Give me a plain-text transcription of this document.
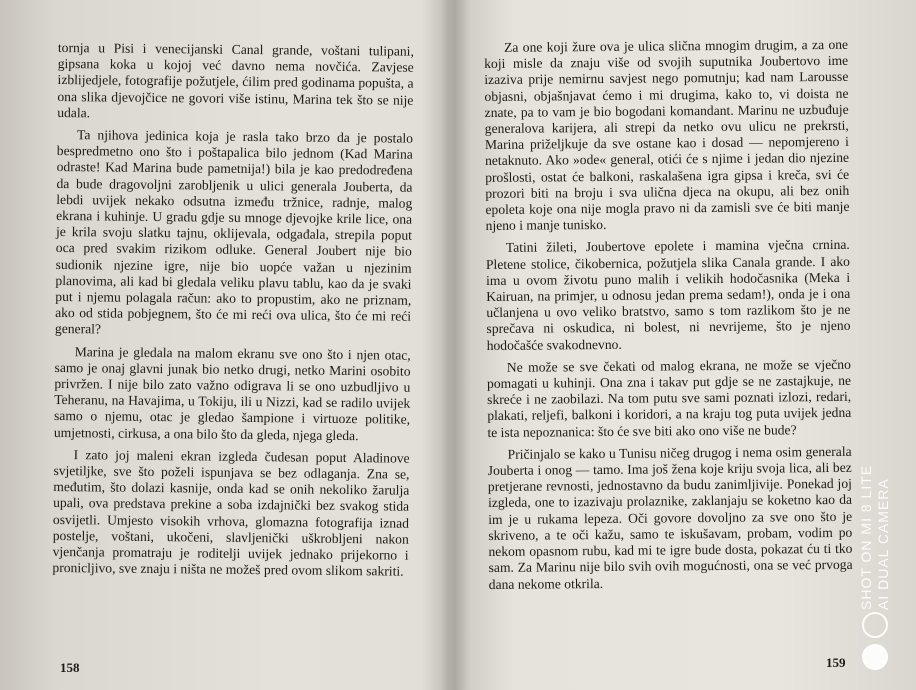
tornja u Pisi i venecijanski Canal grande, voštani tulipani, gipsana koka u kojoj već davno nema novčića. Zavjese izblijedjele, fotografije požutjele, ćilim pred godinama popušta, a ona slika djevojčice ne govori više istinu, Marina tek što se nije udala.

Ta njihova jedinica koja je rasla tako brzo da je postalo bespredmetno ono što i poštapalica bilo jednom (Kad Marina odraste! Kad Marina bude pametnija!) bila je kao predodređena da bude dragovoljni zarobljenik u ulici generala Jouberta, da lebdi uvijek nekako odsutna između tržnice, radnje, malog ekrana i kuhinje. U gradu gdje su mnoge djevojke krile lice, ona je krila svoju slatku tajnu, oklijevala, odgađala, strepila poput oca pred svakim rizikom odluke. General Joubert nije bio sudionik njezine igre, nije bio uopće važan u njezinim planovima, ali kad bi gledala veliku plavu tablu, kao da je svaki put i njemu polagala račun: ako to propustim, ako ne priznam, ako od stida pobjegnem, što će mi reći ova ulica, što će mi reći general?

Marina je gledala na malom ekranu sve ono što i njen otac, samo je onaj glavni junak bio netko drugi, netko Marini osobito privržen. I nije bilo zato važno odigrava li se ono uzbudljivo u Teheranu, na Havajima, u Tokiju, ili u Nizzi, kad se radilo uvijek samo o njemu, otac je gledao šampione i virtuoze politike, umjetnosti, cirkusa, a ona bilo što da gleda, njega gleda.

I zato joj maleni ekran izgleda čudesan poput Aladinove svjetiljke, sve što poželi ispunjava se bez odlaganja. Zna se, međutim, što dolazi kasnije, onda kad se onih nekoliko žarulja upali, ova predstava prekine a soba izdajnički bez svakog stida osvijetli. Umjesto visokih vrhova, glomazna fotografija iznad postelje, voštani, ukočeni, slavljenički uškrobljeni nakon vjenčanja promatraju je roditelji uvijek jednako prijekorno i pronicljivo, sve znaju i ništa ne možeš pred ovom slikom sakriti.

Za one koji žure ova je ulica slična mnogim drugim, a za one koji misle da znaju više od svojih suputnika Joubertovo ime izaziva prije nemirnu savjest nego pomutnju; kad nam Larousse objasni, objašnjavat ćemo i mi drugima, kako to, vi doista ne znate, pa to vam je bio bogodani komandant. Marinu ne uzbuđuje generalova karijera, ali strepi da netko ovu ulicu ne prekrsti, Marina priželjkuje da sve ostane kao i dosad — nepomjereno i netaknuto. Ako »ode« general, otići će s njime i jedan dio njezine prošlosti, ostat će balkoni, raskalašena igra gipsa i kreča, svi će prozori biti na broju i sva ulična djeca na okupu, ali bez onih epoleta koje ona nije mogla pravo ni da zamisli sve će biti manje njeno i manje tunisko.

Tatini žileti, Joubertove epolete i mamina vječna crnina. Pletene stolice, čikobernica, požutjela slika Canala grande. I ako ima u ovom životu puno malih i velikih hodočasnika (Meka i Kairuan, na primjer, u odnosu jedan prema sedam!), onda je i ona učlanjena u ovo veliko bratstvo, samo s tom razlikom što je ne sprečava ni oskudica, ni bolest, ni nevrijeme, što je njeno hodočašće svakodnevno.

Ne može se sve čekati od malog ekrana, ne može se vječno pomagati u kuhinji. Ona zna i takav put gdje se ne zastajkuje, ne skreće i ne zaobilazi. Na tom putu sve sami poznati izlozi, redari, plakati, reljefi, balkoni i koridori, a na kraju tog puta uvijek jedna te ista nepoznanica: što će sve biti ako ono više ne bude?

Pričinjalo se kako u Tunisu ničeg drugog i nema osim generala Jouberta i onog — tamo. Ima još žena koje kriju svoja lica, ali bez pretjerane revnosti, jednostavno da budu zanimljivije. Ponekad joj izgleda, one to izazivaju prolaznike, zaklanjaju se koketno kao da im je u rukama lepeza. Oči govore dovoljno za sve ono što je skriveno, a te oči kažu, samo te iskušavam, probam, vodim po nekom opasnom rubu, kad mi te igre bude dosta, pokazat ću ti tko sam. Za Marinu nije bilo svih ovih mogućnosti, ona se već prvoga dana nekome otkrila.

158	159
SHOT ON MI 8 LITE AI DUAL CAMERA
